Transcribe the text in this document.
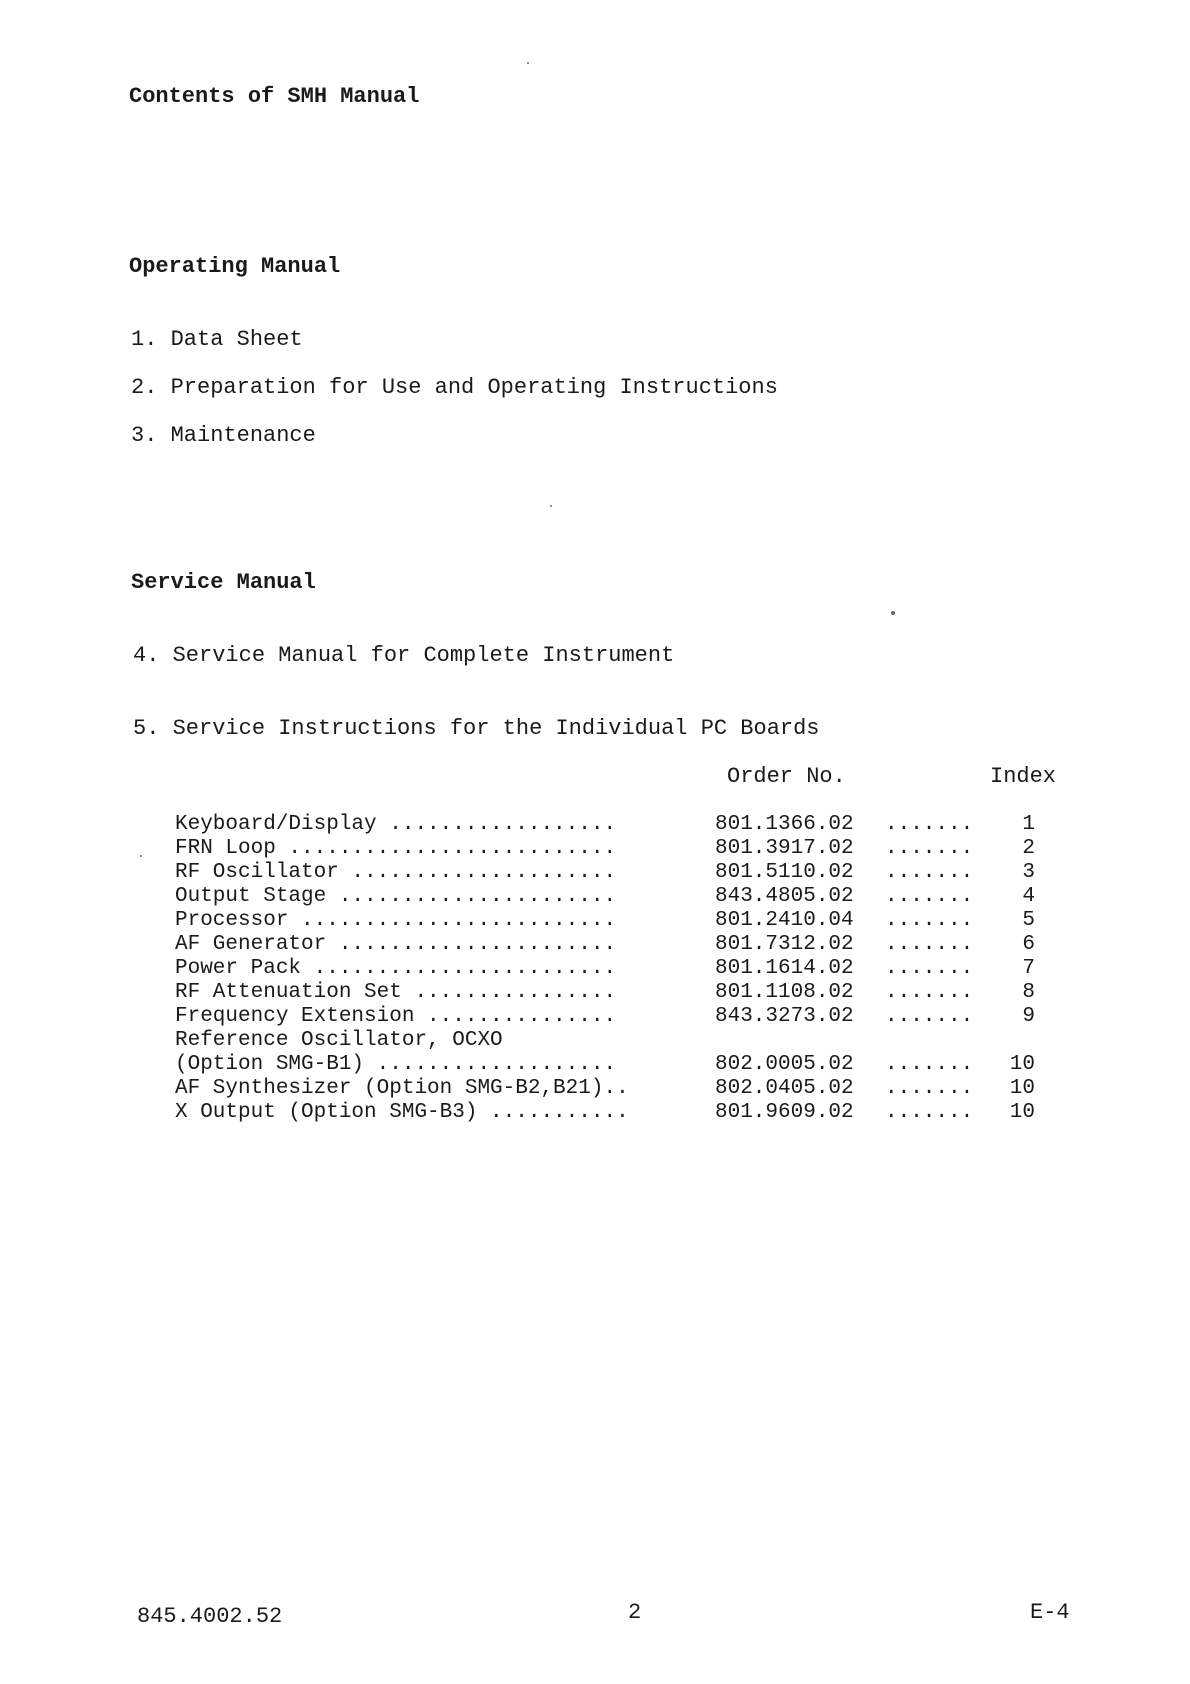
Contents of SMH Manual
Operating Manual
1. Data Sheet
2. Preparation for Use and Operating Instructions
3. Maintenance
Service Manual
4. Service Manual for Complete Instrument
5. Service Instructions for the Individual PC Boards
Order No.	Index
Keyboard/Display ..................	801.1366.02 .......	1
FRN Loop ..........................	801.3917.02 .......	2
RF Oscillator .....................	801.5110.02 .......	3
Output Stage ......................	843.4805.02 .......	4
Processor .........................	801.2410.04 .......	5
AF Generator ......................	801.7312.02 .......	6
Power Pack ........................	801.1614.02 .......	7
RF Attenuation Set ................	801.1108.02 .......	8
Frequency Extension ...............	843.3273.02 .......	9
Reference Oscillator, OCXO
(Option SMG-B1) ...................	802.0005.02 .......	10
AF Synthesizer (Option SMG-B2,B21)..	802.0405.02 .......	10
X Output (Option SMG-B3) ...........	801.9609.02 .......	10
845.4002.52	2	E-4
